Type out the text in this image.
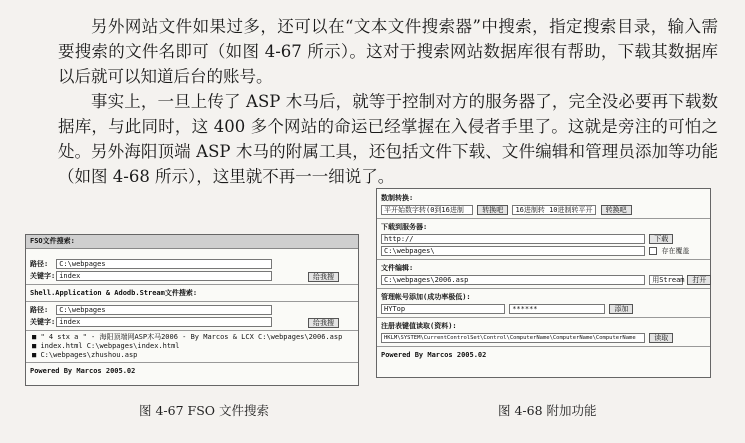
另外网站文件如果过多，还可以在“文本文件搜索器”中搜索，指定搜索目录，输入需要搜索的文件名即可（如图 4-67 所示）。这对于搜索网站数据库很有帮助，下载其数据库以后就可以知道后台的账号。

事实上，一旦上传了 ASP 木马后，就等于控制对方的服务器了，完全没必要再下载数据库，与此同时，这 400 多个网站的命运已经掌握在入侵者手里了。这就是旁注的可怕之处。 另外海阳顶端 ASP 木马的附属工具，还包括文件下载、文件编辑和管理员添加等功能（如图 4-68 所示），这里就不再一一细说了。

FSO文件搜索:
路径: C:\webpages
关键字: index	给我搜
Shell.Application & Adodb.Stream文件搜索:
路径: C:\webpages
关键字: index	给我搜
■ " 4 stx a " - 海阳顶端网ASP木马2006 - By Marcos & LCX C:\webpages\2006.asp
■ index.html C:\webpages\index.html
■ C:\webpages\zhushou.asp
Powered By Marcos 2005.02
数制转换:
平开始数字转(0到16进制	转换吧 16进制转 10进制转平开 转换吧
下载到服务器:
http://	下载
C:\webpages\	存在覆盖
文件编辑:
C:\webpages\2006.asp	用Stream 打开
管理帐号添加(成功率极低):
HYTop	******	添加
注册表键值读取(资料):
HKLM\SYSTEM\CurrentControlSet\Control\ComputerName\ComputerName\ComputerName	读取
Powered By Marcos 2005.02
图 4-67 FSO 文件搜索	图 4-68 附加功能
